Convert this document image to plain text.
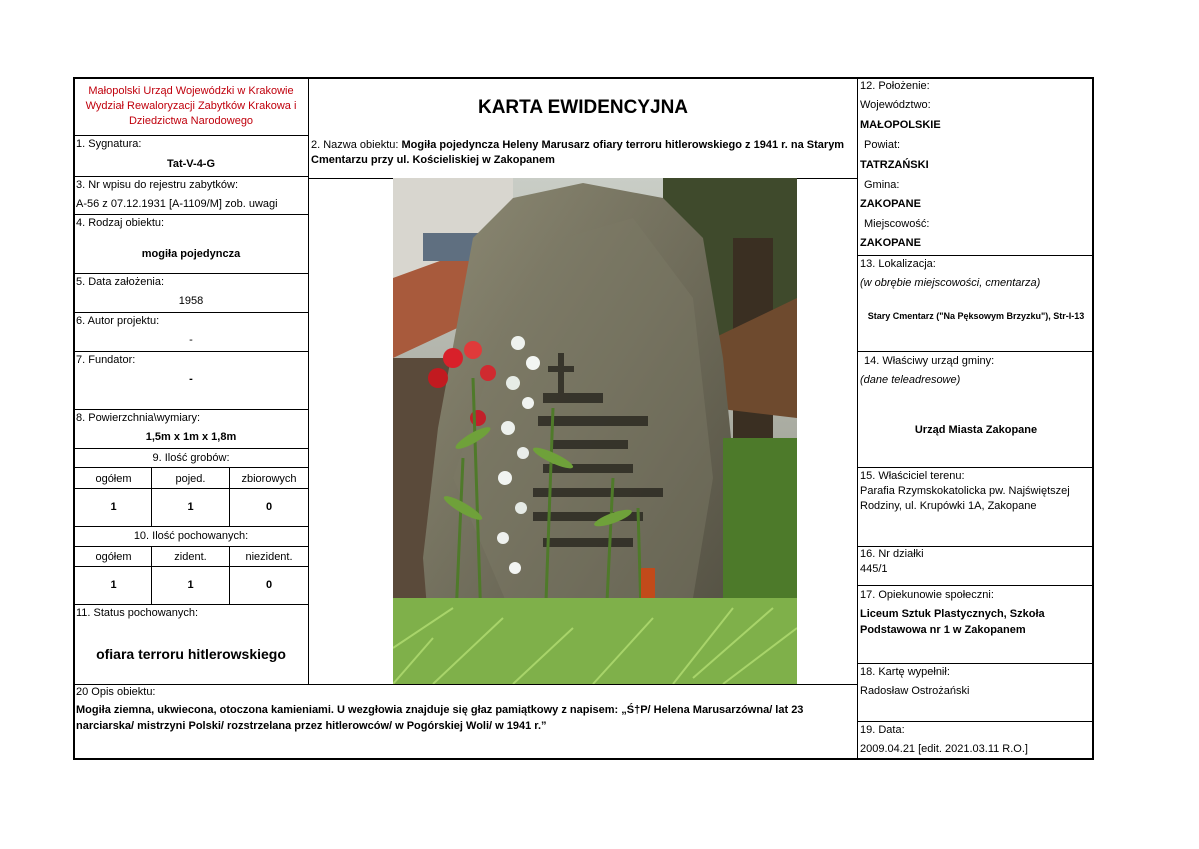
Małopolski Urząd Wojewódzki w Krakowie
Wydział Rewaloryzacji Zabytków Krakowa i
Dziedzictwa Narodowego
KARTA EWIDENCYJNA
1. Sygnatura:
Tat-V-4-G
3. Nr wpisu do rejestru zabytków:
A-56 z 07.12.1931 [A-1109/M] zob. uwagi
4. Rodzaj obiektu:
mogiła pojedyncza
5. Data założenia:
1958
6. Autor projektu:
-
7. Fundator:
-
8. Powierzchnia\wymiary:
1,5m x 1m x 1,8m
9. Ilość grobów:
ogółem	pojed.	zbiorowych
1	1	0
10. Ilość pochowanych:
ogółem	zident.	niezident.
1	1	0
11. Status pochowanych:
ofiara terroru hitlerowskiego
2. Nazwa obiektu: Mogiła pojedyncza Heleny Marusarz ofiary terroru hitlerowskiego z 1941 r. na Starym Cmentarzu przy ul. Kościeliskiej w Zakopanem
12. Położenie:
Województwo:
MAŁOPOLSKIE
Powiat:
TATRZAŃSKI
Gmina:
ZAKOPANE
Miejscowość:
ZAKOPANE
13. Lokalizacja:
(w obrębie miejscowości, cmentarza)
Stary Cmentarz ("Na Pęksowym Brzyzku"), Str-I-13
14. Właściwy urząd gminy:
(dane teleadresowe)
Urząd Miasta Zakopane
15. Właściciel terenu:
Parafia Rzymskokatolicka pw. Najświętszej Rodziny, ul. Krupówki 1A, Zakopane
16. Nr działki
445/1
17. Opiekunowie społeczni:
Liceum Sztuk Plastycznych, Szkoła Podstawowa nr 1 w Zakopanem
18. Kartę wypełnił:
Radosław Ostrożański
19. Data:
2009.04.21 [edit. 2021.03.11 R.O.]
20 Opis obiektu:
Mogiła ziemna, ukwiecona, otoczona kamieniami. U wezgłowia znajduje się głaz pamiątkowy z napisem: „Ś†P/ Helena Marusarzówna/ lat 23 narciarska/ mistrzyni Polski/ rozstrzelana przez hitlerowców/ w Pogórskiej Woli/ w 1941 r.”
